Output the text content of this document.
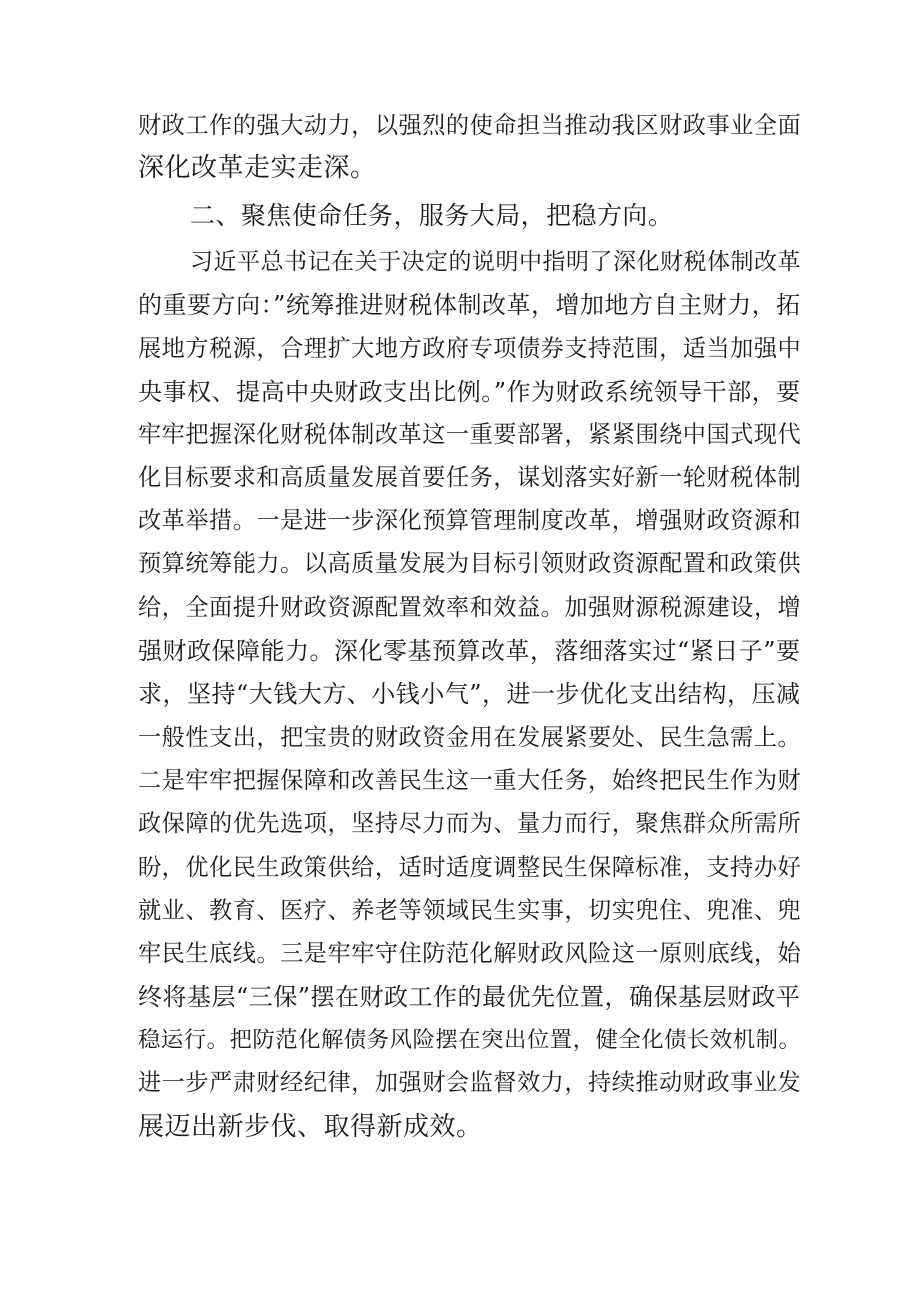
财政工作的强大动力，以强烈的使命担当推动我区财政事业全面
深化改革走实走深。
二、聚焦使命任务，服务大局，把稳方向。
习近平总书记在关于决定的说明中指明了深化财税体制改革
的重要方向：”统筹推进财税体制改革，增加地方自主财力，拓
展地方税源，合理扩大地方政府专项债券支持范围，适当加强中
央事权、提高中央财政支出比例。”作为财政系统领导干部，要
牢牢把握深化财税体制改革这一重要部署，紧紧围绕中国式现代
化目标要求和高质量发展首要任务，谋划落实好新一轮财税体制
改革举措。一是进一步深化预算管理制度改革，增强财政资源和
预算统筹能力。以高质量发展为目标引领财政资源配置和政策供
给，全面提升财政资源配置效率和效益。加强财源税源建设，增
强财政保障能力。深化零基预算改革，落细落实过“紧日子”要
求，坚持“大钱大方、小钱小气”，进一步优化支出结构，压减
一般性支出，把宝贵的财政资金用在发展紧要处、民生急需上。
二是牢牢把握保障和改善民生这一重大任务，始终把民生作为财
政保障的优先选项，坚持尽力而为、量力而行，聚焦群众所需所
盼，优化民生政策供给，适时适度调整民生保障标准，支持办好
就业、教育、医疗、养老等领域民生实事，切实兜住、兜准、兜
牢民生底线。三是牢牢守住防范化解财政风险这一原则底线，始
终将基层“三保”摆在财政工作的最优先位置，确保基层财政平
稳运行。把防范化解债务风险摆在突出位置，健全化债长效机制。
进一步严肃财经纪律，加强财会监督效力，持续推动财政事业发
展迈出新步伐、取得新成效。
